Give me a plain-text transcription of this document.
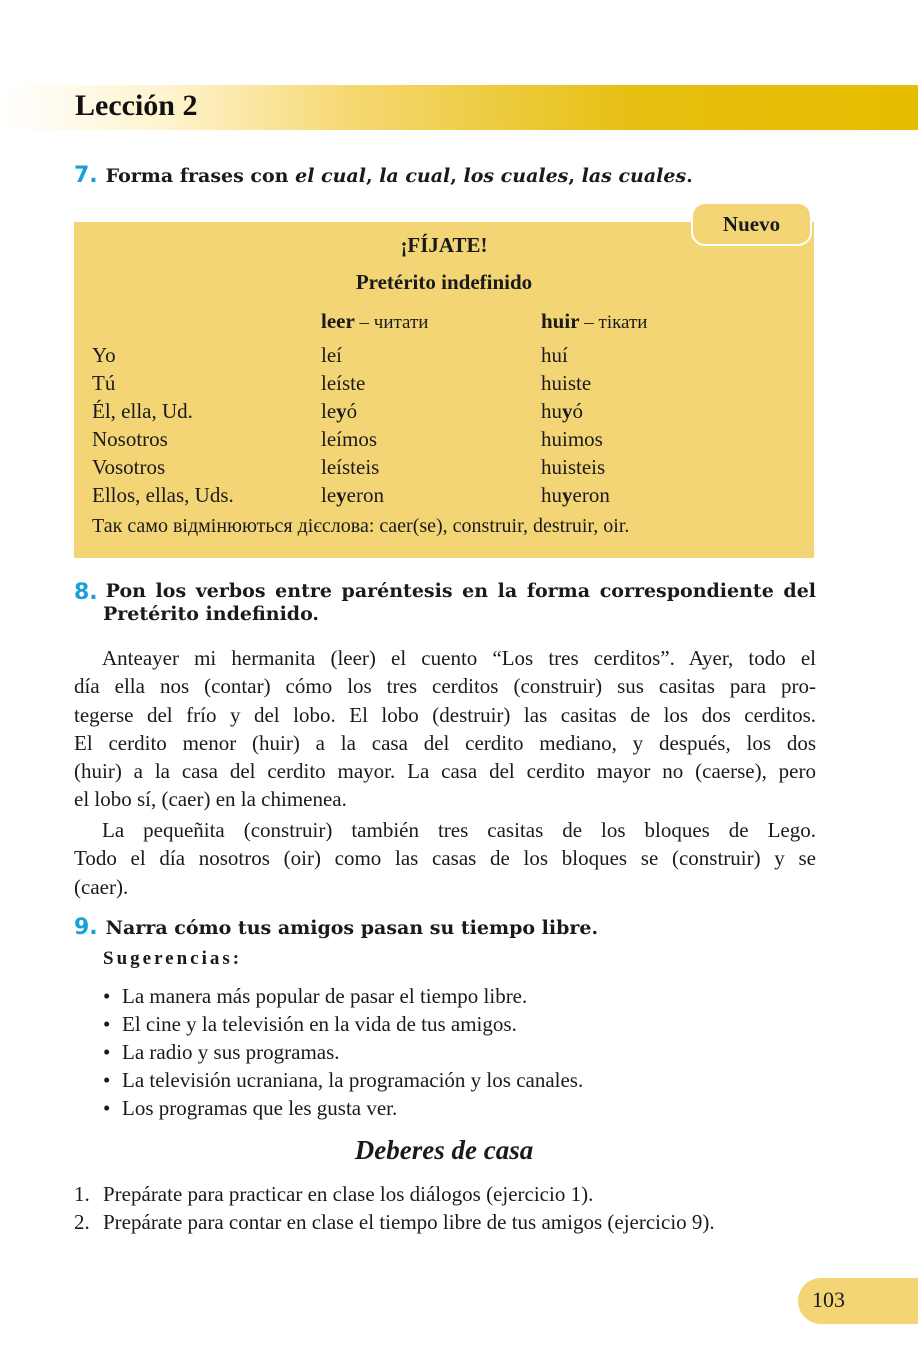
Lección 2
7. Forma frases con el cual, la cual, los cuales, las cuales.
¡FÍJATE!
Pretérito indefinido
leer – читати	huir – тікати
Yo
Tú
Él, ella, Ud.
Nosotros
Vosotros
Ellos, ellas, Uds.
leí
leíste
leyó
leímos
leísteis
leyeron
huí
huiste
huyó
huimos
huisteis
huyeron
Так само відмінюються дієслова: caer(se), construir, destruir, oir.
Nuevo
8. Pon los verbos entre paréntesis en la forma correspondiente del
Pretérito indefinido.
Anteayer mi hermanita (leer) el cuento “Los tres cerditos”. Ayer, todo el
día ella nos (contar) cómo los tres cerditos (construir) sus casitas para pro-
tegerse del frío y del lobo. El lobo (destruir) las casitas de los dos cerditos.
El cerdito menor (huir) a la casa del cerdito mediano, y después, los dos
(huir) a la casa del cerdito mayor. La casa del cerdito mayor no (caerse), pero
el lobo sí, (caer) en la chimenea.
La pequeñita (construir) también tres casitas de los bloques de Lego.
Todo el día nosotros (oir) como las casas de los bloques se (construir) y se
(caer).
9. Narra cómo tus amigos pasan su tiempo libre.
Sugerencias:
• La manera más popular de pasar el tiempo libre.
• El cine y la televisión en la vida de tus amigos.
• La radio y sus programas.
• La televisión ucraniana, la programación y los canales.
• Los programas que les gusta ver.
Deberes de casa
1. Prepárate para practicar en clase los diálogos (ejercicio 1).
2. Prepárate para contar en clase el tiempo libre de tus amigos (ejercicio 9).
103
